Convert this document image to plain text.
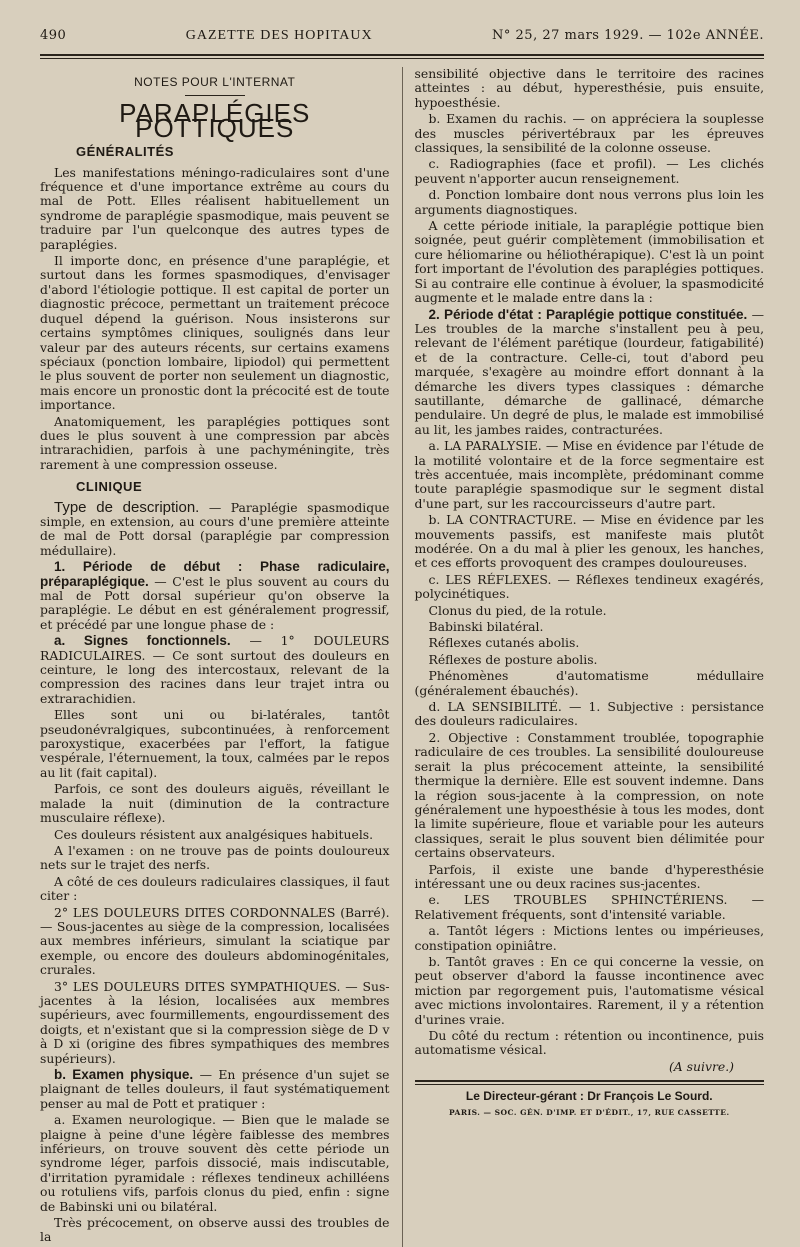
490	GAZETTE DES HOPITAUX	N° 25, 27 mars 1929. — 102e ANNÉE.
NOTES POUR L'INTERNAT
PARAPLÉGIES POTTIQUES
GÉNÉRALITÉS

Les manifestations méningo-radiculaires sont d'une fréquence et d'une importance extrême au cours du mal de Pott. Elles réalisent habituellement un syndrome de paraplégie spasmodique, mais peuvent se traduire par l'un quelconque des autres types de paraplégies.

Il importe donc, en présence d'une paraplégie, et surtout dans les formes spasmodiques, d'envisager d'abord l'étiologie pottique. Il est capital de porter un diagnostic précoce, permettant un traitement précoce duquel dépend la guérison. Nous insisterons sur certains symptômes cliniques, soulignés dans leur valeur par des auteurs récents, sur certains examens spéciaux (ponction lombaire, lipiodol) qui permettent le plus souvent de porter non seulement un diagnostic, mais encore un pronostic dont la précocité est de toute importance.

Anatomiquement, les paraplégies pottiques sont dues le plus souvent à une compression par abcès intrarachidien, parfois à une pachyméningite, très rarement à une compression osseuse.

CLINIQUE

Type de description. — Paraplégie spasmodique simple, en extension, au cours d'une première atteinte de mal de Pott dorsal (paraplégie par compression médullaire).

1. Période de début : Phase radiculaire, préparaplégique. — C'est le plus souvent au cours du mal de Pott dorsal supérieur qu'on observe la paraplégie. Le début en est généralement progressif, et précédé par une longue phase de :

a. Signes fonctionnels. — 1° DOULEURS RADICULAIRES. — Ce sont surtout des douleurs en ceinture, le long des intercostaux, relevant de la compression des racines dans leur trajet intra ou extrarachidien.

Elles sont uni ou bi-latérales, tantôt pseudonévralgiques, subcontinuées, à renforcement paroxystique, exacerbées par l'effort, la fatigue vespérale, l'éternuement, la toux, calmées par le repos au lit (fait capital).

Parfois, ce sont des douleurs aiguës, réveillant le malade la nuit (diminution de la contracture musculaire réflexe).

Ces douleurs résistent aux analgésiques habituels.

A l'examen : on ne trouve pas de points douloureux nets sur le trajet des nerfs.

A côté de ces douleurs radiculaires classiques, il faut citer :

2° LES DOULEURS DITES CORDONNALES (Barré). — Sous-jacentes au siège de la compression, localisées aux membres inférieurs, simulant la sciatique par exemple, ou encore des douleurs abdominogénitales, crurales.

3° LES DOULEURS DITES SYMPATHIQUES. — Sus-jacentes à la lésion, localisées aux membres supérieurs, avec fourmillements, engourdissement des doigts, et n'existant que si la compression siège de D v à D xi (origine des fibres sympathiques des membres supérieurs).

b. Examen physique. — En présence d'un sujet se plaignant de telles douleurs, il faut systématiquement penser au mal de Pott et pratiquer :

a. Examen neurologique. — Bien que le malade se plaigne à peine d'une légère faiblesse des membres inférieurs, on trouve souvent dès cette période un syndrome léger, parfois dissocié, mais indiscutable, d'irritation pyramidale : réflexes tendineux achilléens ou rotuliens vifs, parfois clonus du pied, enfin : signe de Babinski uni ou bilatéral.

Très précocement, on observe aussi des troubles de la

sensibilité objective dans le territoire des racines atteintes : au début, hyperesthésie, puis ensuite, hypoesthésie.

b. Examen du rachis. — on appréciera la souplesse des muscles périvertébraux par les épreuves classiques, la sensibilité de la colonne osseuse.

c. Radiographies (face et profil). — Les clichés peuvent n'apporter aucun renseignement.

d. Ponction lombaire dont nous verrons plus loin les arguments diagnostiques.

A cette période initiale, la paraplégie pottique bien soignée, peut guérir complètement (immobilisation et cure héliomarine ou héliothérapique). C'est là un point fort important de l'évolution des paraplégies pottiques. Si au contraire elle continue à évoluer, la spasmodicité augmente et le malade entre dans la :

2. Période d'état : Paraplégie pottique constituée. — Les troubles de la marche s'installent peu à peu, relevant de l'élément parétique (lourdeur, fatigabilité) et de la contracture. Celle-ci, tout d'abord peu marquée, s'exagère au moindre effort donnant à la démarche les divers types classiques : démarche sautillante, démarche de gallinacé, démarche pendulaire. Un degré de plus, le malade est immobilisé au lit, les jambes raides, contracturées.

a. LA PARALYSIE. — Mise en évidence par l'étude de la motilité volontaire et de la force segmentaire est très accentuée, mais incomplète, prédominant comme toute paraplégie spasmodique sur le segment distal d'une part, sur les raccourcisseurs d'autre part.

b. LA CONTRACTURE. — Mise en évidence par les mouvements passifs, est manifeste mais plutôt modérée. On a du mal à plier les genoux, les hanches, et ces efforts provoquent des crampes douloureuses.

c. LES RÉFLEXES. — Réflexes tendineux exagérés, polycinétiques.

Clonus du pied, de la rotule.

Babinski bilatéral.

Réflexes cutanés abolis.

Réflexes de posture abolis.

Phénomènes d'automatisme médullaire (généralement ébauchés).

d. LA SENSIBILITÉ. — 1. Subjective : persistance des douleurs radiculaires.

2. Objective : Constamment troublée, topographie radiculaire de ces troubles. La sensibilité douloureuse serait la plus précocement atteinte, la sensibilité thermique la dernière. Elle est souvent indemne. Dans la région sous-jacente à la compression, on note généralement une hypoesthésie à tous les modes, dont la limite supérieure, floue et variable pour les auteurs classiques, serait le plus souvent bien délimitée pour certains observateurs.

Parfois, il existe une bande d'hyperesthésie intéressant une ou deux racines sus-jacentes.

e. LES TROUBLES SPHINCTÉRIENS. — Relativement fréquents, sont d'intensité variable.

a. Tantôt légers : Mictions lentes ou impérieuses, constipation opiniâtre.

b. Tantôt graves : En ce qui concerne la vessie, on peut observer d'abord la fausse incontinence avec miction par regorgement puis, l'automatisme vésical avec mictions involontaires. Rarement, il y a rétention d'urines vraie.

Du côté du rectum : rétention ou incontinence, puis automatisme vésical.

(A suivre.)
Le Directeur-gérant : Dr François Le Sourd.
PARIS. — SOC. GÉN. D'IMP. ET D'ÉDIT., 17, RUE CASSETTE.
